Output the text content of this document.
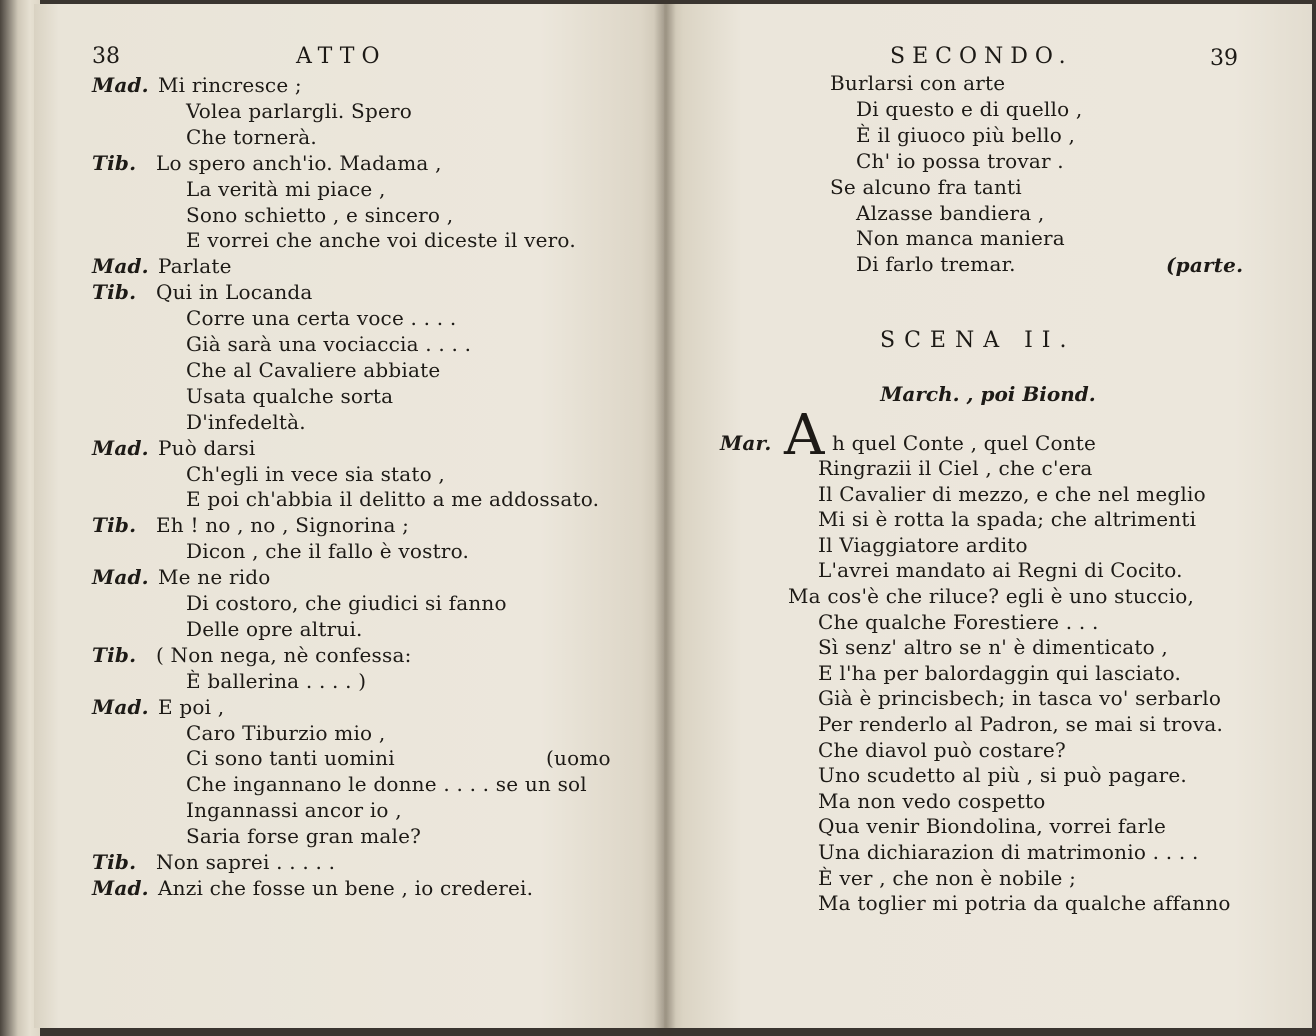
38	ATTO
Mad. Mi rincresce ;
Volea parlargli. Spero
Che tornerà.
Tib. Lo spero anch'io. Madama ,
La verità mi piace ,
Sono schietto , e sincero ,
E vorrei che anche voi diceste il vero.
Mad. Parlate
Tib. Qui in Locanda
Corre una certa voce . . . .
Già sarà una vociaccia . . . .
Che al Cavaliere abbiate
Usata qualche sorta
D'infedeltà.
Mad. Può darsi
Ch'egli in vece sia stato ,
E poi ch'abbia il delitto a me addossato.
Tib. Eh ! no , no , Signorina ;
Dicon , che il fallo è vostro.
Mad. Me ne rido
Di costoro, che giudici si fanno
Delle opre altrui.
Tib. ( Non nega, nè confessa:
È ballerina . . . . )
Mad. E poi ,
Caro Tiburzio mio ,
Ci sono tanti uomini	(uomo
Che ingannano le donne . . . . se un sol
Ingannassi ancor io ,
Saria forse gran male?
Tib. Non saprei . . . . .
Mad. Anzi che fosse un bene , io crederei.
SECONDO.	39
Burlarsi con arte
Di questo e di quello ,
È il giuoco più bello ,
Ch' io possa trovar .
Se alcuno fra tanti
Alzasse bandiera ,
Non manca maniera
Di farlo tremar.	(parte.
SCENA II.
March. , poi Biond.
Mar. A h quel Conte , quel Conte
Ringrazii il Ciel , che c'era
Il Cavalier di mezzo, e che nel meglio
Mi si è rotta la spada; che altrimenti
Il Viaggiatore ardito
L'avrei mandato ai Regni di Cocito.
Ma cos'è che riluce? egli è uno stuccio,
Che qualche Forestiere . . .
Sì senz' altro se n' è dimenticato ,
E l'ha per balordaggin qui lasciato.
Già è princisbech; in tasca vo' serbarlo
Per renderlo al Padron, se mai si trova.
Che diavol può costare?
Uno scudetto al più , si può pagare.
Ma non vedo cospetto
Qua venir Biondolina, vorrei farle
Una dichiarazion di matrimonio . . . .
È ver , che non è nobile ;
Ma toglier mi potria da qualche affanno
